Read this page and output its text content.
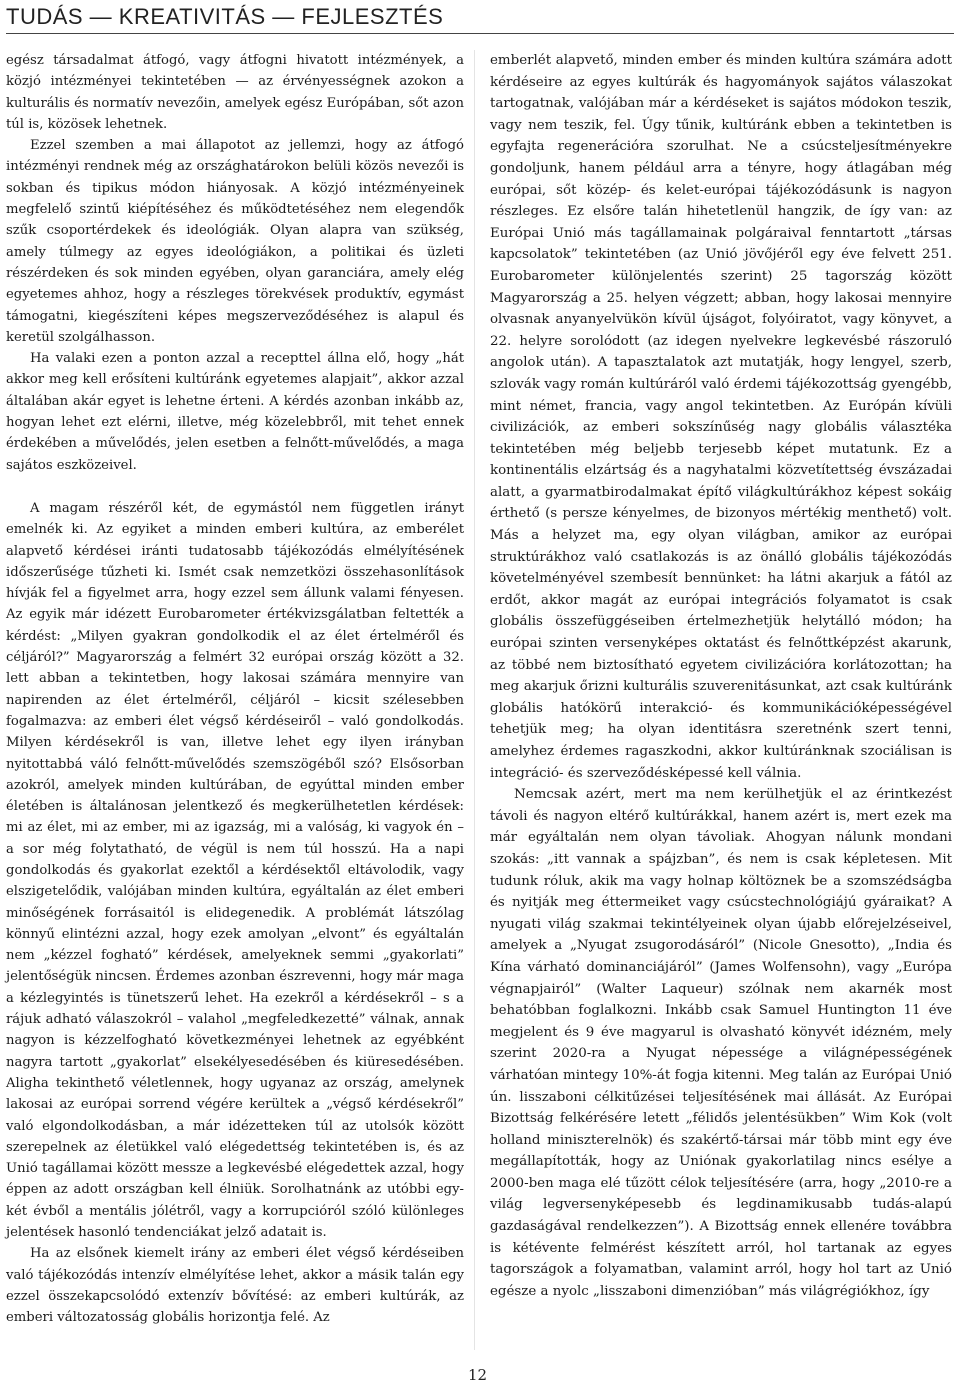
TUDÁS — KREATIVITÁS — FEJLESZTÉS

egész társadalmat átfogó, vagy átfogni hivatott intézmények, a közjó intézményei tekintetében — az érvényességnek azokon a kulturális és normatív nevezőin, amelyek egész Európában, sőt azon túl is, közösek lehetnek.

Ezzel szemben a mai állapotot az jellemzi, hogy az átfogó intézményi rendnek még az országhatárokon belüli közös nevezői is sokban és tipikus módon hiányosak. A közjó intézményeinek megfelelő szintű kiépítéséhez és működtetéséhez nem elegendők szűk csoportérdekek és ideológiák. Olyan alapra van szükség, amely túlmegy az egyes ideológiákon, a politikai és üzleti részérdeken és sok minden egyében, olyan garanciára, amely elég egyetemes ahhoz, hogy a részleges törekvések produktív, egymást támogatni, kiegészíteni képes megszerveződéséhez is alapul és keretül szolgálhasson.

Ha valaki ezen a ponton azzal a recepttel állna elő, hogy „hát akkor meg kell erősíteni kultúránk egyetemes alapjait”, akkor azzal általában akár egyet is lehetne érteni. A kérdés azonban inkább az, hogyan lehet ezt elérni, illetve, még közelebbről, mit tehet ennek érdekében a művelődés, jelen esetben a felnőtt-művelődés, a maga sajátos eszközeivel.

A magam részéről két, de egymástól nem független irányt emelnék ki. Az egyiket a minden emberi kultúra, az emberélet alapvető kérdései iránti tudatosabb tájékozódás elmélyítésének időszerűsége tűzheti ki. Ismét csak nemzetközi összehasonlítások hívják fel a figyelmet arra, hogy ezzel sem állunk valami fényesen. Az egyik már idézett Eurobarometer értékvizsgálatban feltették a kérdést: „Milyen gyakran gondolkodik el az élet értelméről és céljáról?” Magyarország a felmért 32 európai ország között a 32. lett abban a tekintetben, hogy lakosai számára mennyire van napirenden az élet értelméről, céljáról – kicsit szélesebben fogalmazva: az emberi élet végső kérdéseiről – való gondolkodás. Milyen kérdésekről is van, illetve lehet egy ilyen irányban nyitottabbá váló felnőtt-művelődés szemszögéből szó? Elsősorban azokról, amelyek minden kultúrában, de egyúttal minden ember életében is általánosan jelentkező és megkerülhetetlen kérdések: mi az élet, mi az ember, mi az igazság, mi a valóság, ki vagyok én – a sor még folytatható, de végül is nem túl hosszú. Ha a napi gondolkodás és gyakorlat ezektől a kérdésektől eltávolodik, vagy elszigetelődik, valójában minden kultúra, egyáltalán az élet emberi minőségének forrásaitól is elidegenedik. A problémát látszólag könnyű elintézni azzal, hogy ezek amolyan „elvont” és egyáltalán nem „kézzel fogható” kérdések, amelyeknek semmi „gyakorlati” jelentőségük nincsen. Érdemes azonban észrevenni, hogy már maga a kézlegyintés is tünetszerű lehet. Ha ezekről a kérdésekről – s a rájuk adható válaszokról – valahol „megfeledkezetté” válnak, annak nagyon is kézzelfogható következményei lehetnek az egyébként nagyra tartott „gyakorlat” elsekélyesedésében és kiüresedésében. Aligha tekinthető véletlennek, hogy ugyanaz az ország, amelynek lakosai az európai sorrend végére kerültek a „végső kérdésekről” való elgondolkodásban, a már idézetteken túl az utolsók között szerepelnek az életükkel való elégedettség tekintetében is, és az Unió tagállamai között messze a legkevésbé elégedettek azzal, hogy éppen az adott országban kell élniük. Sorolhatnánk az utóbbi egy-két évből a mentális jólétről, vagy a korrupcióról szóló különleges jelentések hasonló tendenciákat jelző adatait is.

Ha az elsőnek kiemelt irány az emberi élet végső kérdéseiben való tájékozódás intenzív elmélyítése lehet, akkor a másik talán egy ezzel összekapcsolódó extenzív bővítésé: az emberi kultúrák, az emberi változatosság globális horizontja felé. Az

emberlét alapvető, minden ember és minden kultúra számára adott kérdéseire az egyes kultúrák és hagyományok sajátos válaszokat tartogatnak, valójában már a kérdéseket is sajátos módokon teszik, vagy nem teszik, fel. Úgy tűnik, kultúránk ebben a tekintetben is egyfajta regenerációra szorulhat. Ne a csúcsteljesítményekre gondoljunk, hanem például arra a tényre, hogy átlagában még európai, sőt közép- és kelet-európai tájékozódásunk is nagyon részleges. Ez elsőre talán hihetetlenül hangzik, de így van: az Európai Unió más tagállamainak polgáraival fenntartott „társas kapcsolatok” tekintetében (az Unió jövőjéről egy éve felvett 251. Eurobarometer különjelentés szerint) 25 tagország között Magyarország a 25. helyen végzett; abban, hogy lakosai mennyire olvasnak anyanyelvükön kívül újságot, folyóiratot, vagy könyvet, a 22. helyre sorolódott (az idegen nyelvekre legkevésbé rászoruló angolok után). A tapasztalatok azt mutatják, hogy lengyel, szerb, szlovák vagy román kultúráról való érdemi tájékozottság gyengébb, mint német, francia, vagy angol tekintetben. Az Európán kívüli civilizációk, az emberi sokszínűség nagy globális választéka tekintetében még beljebb terjesebb képet mutatunk. Ez a kontinentális elzártság és a nagyhatalmi közvetítettség évszázadai alatt, a gyarmatbirodalmakat építő világkultúrákhoz képest sokáig érthető (s persze kényelmes, de bizonyos mértékig menthető) volt. Más a helyzet ma, egy olyan világban, amikor az európai struktúrákhoz való csatlakozás is az önálló globális tájékozódás követelményével szembesít bennünket: ha látni akarjuk a fától az erdőt, akkor magát az európai integrációs folyamatot is csak globális összefüggéseiben értelmezhetjük helytálló módon; ha európai szinten versenyképes oktatást és felnőttképzést akarunk, az többé nem biztosítható egyetem civilizációra korlátozottan; ha meg akarjuk őrizni kulturális szuverenitásunkat, azt csak kultúránk globális hatókörű interakció- és kommunikációképességével tehetjük meg; ha olyan identitásra szeretnénk szert tenni, amelyhez érdemes ragaszkodni, akkor kultúránknak szociálisan is integráció- és szerveződésképessé kell válnia.

Nemcsak azért, mert ma nem kerülhetjük el az érintkezést távoli és nagyon eltérő kultúrákkal, hanem azért is, mert ezek ma már egyáltalán nem olyan távoliak. Ahogyan nálunk mondani szokás: „itt vannak a spájzban”, és nem is csak képletesen. Mit tudunk róluk, akik ma vagy holnap költöznek be a szomszédságba és nyitják meg éttermeiket vagy csúcstechnológiájú gyáraikat? A nyugati világ szakmai tekintélyeinek olyan újabb előrejelzéseivel, amelyek a „Nyugat zsugorodásáról” (Nicole Gnesotto), „India és Kína várható dominanciájáról” (James Wolfensohn), vagy „Európa végnapjairól” (Walter Laqueur) szólnak nem akarnék most behatóbban foglalkozni. Inkább csak Samuel Huntington 11 éve megjelent és 9 éve magyarul is olvasható könyvét idézném, mely szerint 2020-ra a Nyugat népessége a világnépességének várhatóan mintegy 10%-át fogja kitenni. Meg talán az Európai Unió ún. lisszaboni célkitűzései teljesítésének mai állását. Az Európai Bizottság felkérésére letett „félidős jelentésükben” Wim Kok (volt holland miniszterelnök) és szakértő-társai már több mint egy éve megállapították, hogy az Uniónak gyakorlatilag nincs esélye a 2000-ben maga elé tűzött célok teljesítésére (arra, hogy „2010-re a világ legversenyképesebb és legdinamikusabb tudás-alapú gazdaságával rendelkezzen”). A Bizottság ennek ellenére továbbra is kétévente felmérést készített arról, hol tartanak az egyes tagországok a folyamatban, valamint arról, hogy hol tart az Unió egésze a nyolc „lisszaboni dimenzióban” más világrégiókhoz, így

12
